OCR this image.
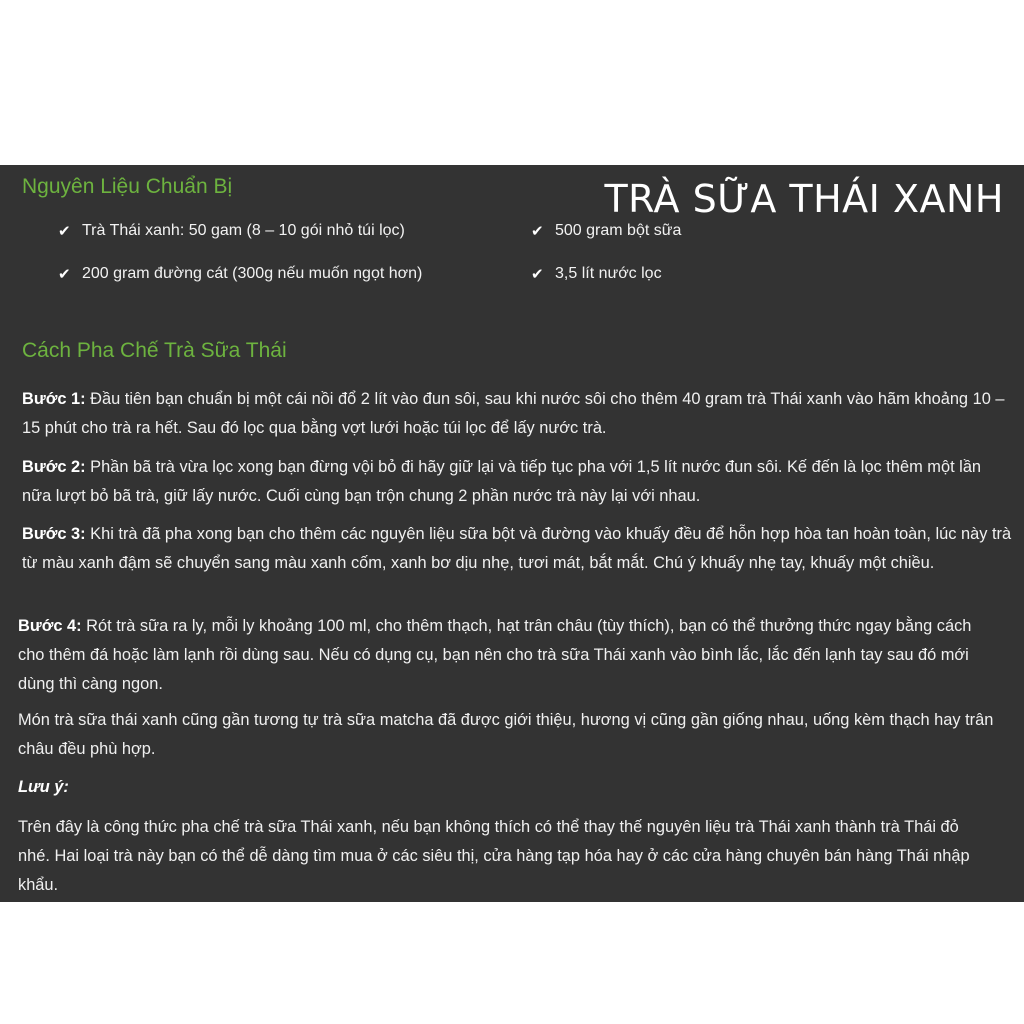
Nguyên Liệu Chuẩn Bị	TRÀ SỮA THÁI XANH
✔ Trà Thái xanh: 50 gam (8 – 10 gói nhỏ túi lọc)	✔ 500 gram bột sữa
✔ 200 gram đường cát (300g nếu muốn ngọt hơn)	✔ 3,5 lít nước lọc
Cách Pha Chế Trà Sữa Thái

Bước 1: Đầu tiên bạn chuẩn bị một cái nồi đổ 2 lít vào đun sôi, sau khi nước sôi cho thêm 40 gram trà Thái xanh vào hãm khoảng 10 – 15 phút cho trà ra hết. Sau đó lọc qua bằng vợt lưới hoặc túi lọc để lấy nước trà.

Bước 2: Phần bã trà vừa lọc xong bạn đừng vội bỏ đi hãy giữ lại và tiếp tục pha với 1,5 lít nước đun sôi. Kế đến là lọc thêm một lần nữa lượt bỏ bã trà, giữ lấy nước. Cuối cùng bạn trộn chung 2 phần nước trà này lại với nhau.

Bước 3: Khi trà đã pha xong bạn cho thêm các nguyên liệu sữa bột và đường vào khuấy đều để hỗn hợp hòa tan hoàn toàn, lúc này trà từ màu xanh đậm sẽ chuyển sang màu xanh cốm, xanh bơ dịu nhẹ, tươi mát, bắt mắt. Chú ý khuấy nhẹ tay, khuấy một chiều.

Bước 4: Rót trà sữa ra ly, mỗi ly khoảng 100 ml, cho thêm thạch, hạt trân châu (tùy thích), bạn có thể thưởng thức ngay bằng cách cho thêm đá hoặc làm lạnh rồi dùng sau. Nếu có dụng cụ, bạn nên cho trà sữa Thái xanh vào bình lắc, lắc đến lạnh tay sau đó mới dùng thì càng ngon.

Món trà sữa thái xanh cũng gần tương tự trà sữa matcha đã được giới thiệu, hương vị cũng gần giống nhau, uống kèm thạch hay trân châu đều phù hợp.

Lưu ý:

Trên đây là công thức pha chế trà sữa Thái xanh, nếu bạn không thích có thể thay thế nguyên liệu trà Thái xanh thành trà Thái đỏ nhé. Hai loại trà này bạn có thể dễ dàng tìm mua ở các siêu thị, cửa hàng tạp hóa hay ở các cửa hàng chuyên bán hàng Thái nhập khẩu.
